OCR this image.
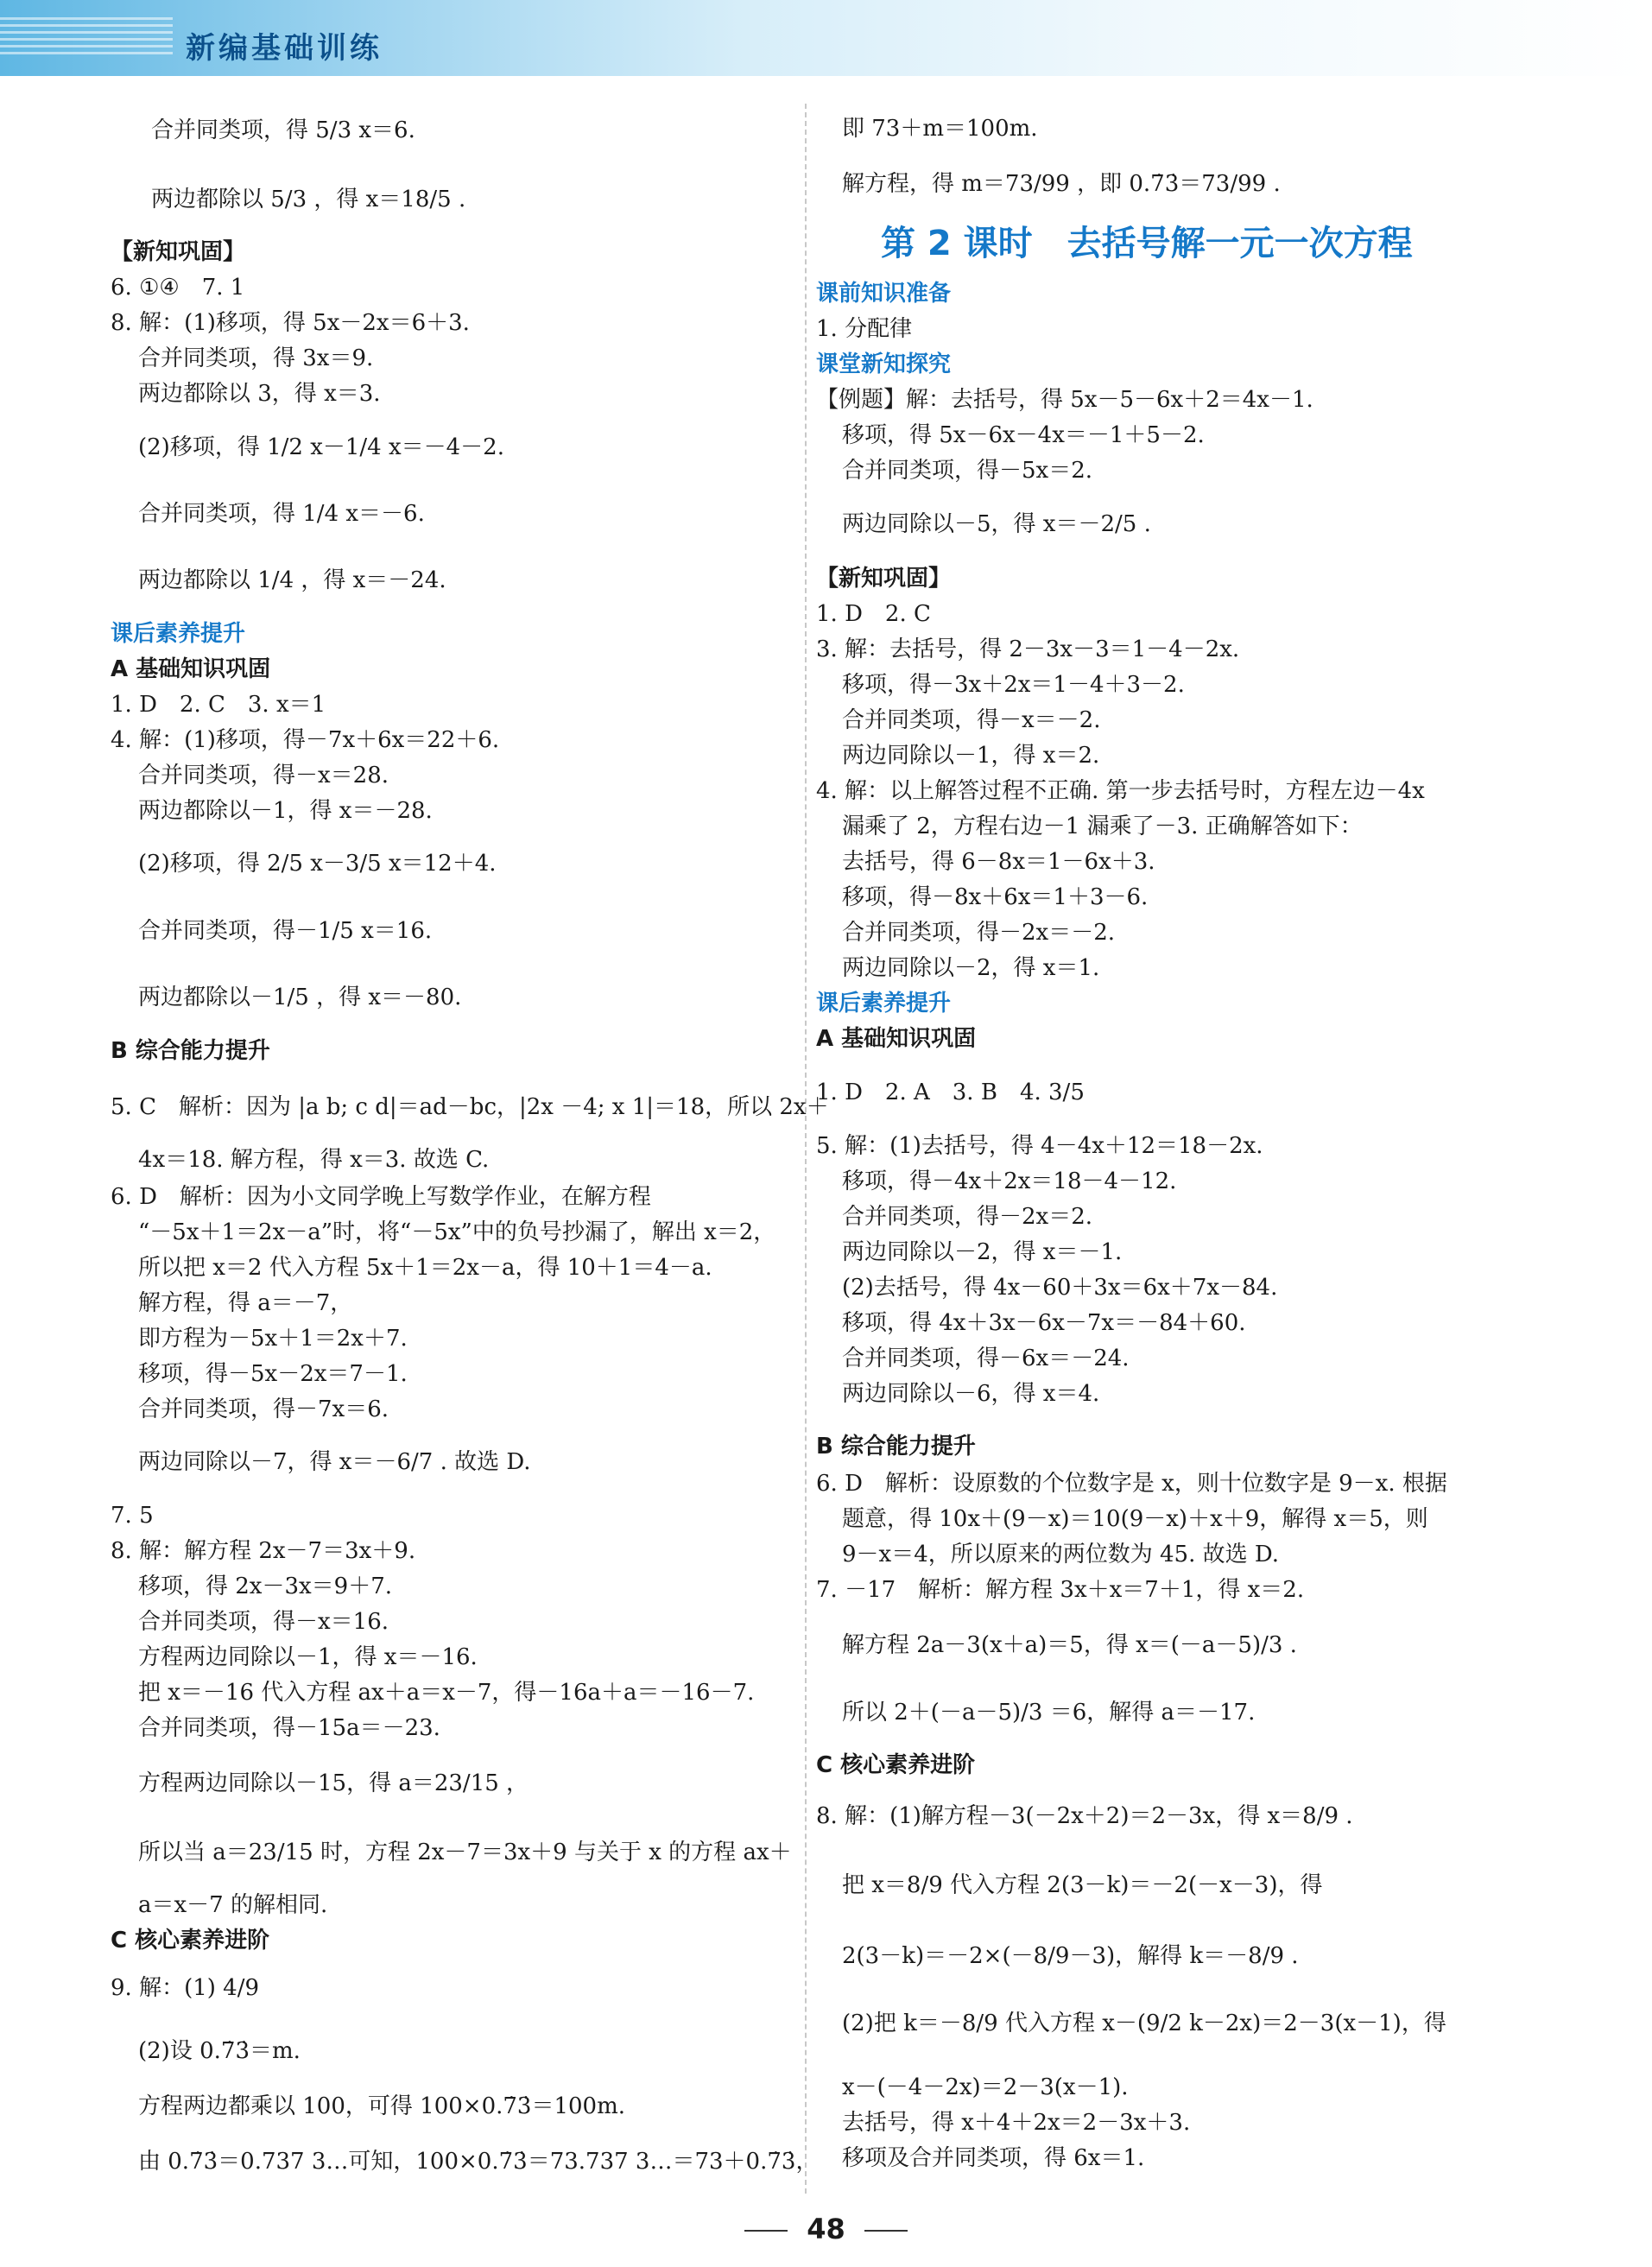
新编基础训练
合并同类项，得 5/3 x＝6.
两边都除以 5/3 ，得 x＝18/5 .
【新知巩固】
6. ①④　7. 1
8. 解：(1)移项，得 5x－2x＝6＋3.
合并同类项，得 3x＝9.
两边都除以 3，得 x＝3.
(2)移项，得 1/2 x－1/4 x＝－4－2.
合并同类项，得 1/4 x＝－6.
两边都除以 1/4 ，得 x＝－24.
课后素养提升
A 基础知识巩固
1. D　2. C　3. x＝1
4. 解：(1)移项，得－7x＋6x＝22＋6.
合并同类项，得－x＝28.
两边都除以－1，得 x＝－28.
(2)移项，得 2/5 x－3/5 x＝12＋4.
合并同类项，得－1/5 x＝16.
两边都除以－1/5 ，得 x＝－80.
B 综合能力提升
5. C　解析：因为 |a b; c d|＝ad－bc，|2x －4; x 1|＝18，所以 2x＋
4x＝18. 解方程，得 x＝3. 故选 C.
6. D　解析：因为小文同学晚上写数学作业，在解方程
“－5x＋1＝2x－a”时，将“－5x”中的负号抄漏了，解出 x＝2，
所以把 x＝2 代入方程 5x＋1＝2x－a，得 10＋1＝4－a.
解方程，得 a＝－7，
即方程为－5x＋1＝2x＋7.
移项，得－5x－2x＝7－1.
合并同类项，得－7x＝6.
两边同除以－7，得 x＝－6/7 . 故选 D.
7. 5
8. 解：解方程 2x－7＝3x＋9.
移项，得 2x－3x＝9＋7.
合并同类项，得－x＝16.
方程两边同除以－1，得 x＝－16.
把 x＝－16 代入方程 ax＋a＝x－7，得－16a＋a＝－16－7.
合并同类项，得－15a＝－23.
方程两边同除以－15，得 a＝23/15 ，
所以当 a＝23/15 时，方程 2x－7＝3x＋9 与关于 x 的方程 ax＋
a＝x－7 的解相同.
C 核心素养进阶
9. 解：(1) 4/9
(2)设 0.7̇3̇＝m.
方程两边都乘以 100，可得 100×0.7̇3̇＝100m.
由 0.7̇3̇＝0.737 3…可知，100×0.7̇3̇＝73.737 3…＝73＋0.7̇3̇，
即 73＋m＝100m.
解方程，得 m＝73/99 ，即 0.7̇3̇＝73/99 .
第 2 课时　去括号解一元一次方程
课前知识准备
1. 分配律
课堂新知探究
【例题】解：去括号，得 5x－5－6x＋2＝4x－1.
移项，得 5x－6x－4x＝－1＋5－2.
合并同类项，得－5x＝2.
两边同除以－5，得 x＝－2/5 .
【新知巩固】
1. D　2. C
3. 解：去括号，得 2－3x－3＝1－4－2x.
移项，得－3x＋2x＝1－4＋3－2.
合并同类项，得－x＝－2.
两边同除以－1，得 x＝2.
4. 解：以上解答过程不正确. 第一步去括号时，方程左边－4x
漏乘了 2，方程右边－1 漏乘了－3. 正确解答如下：
去括号，得 6－8x＝1－6x＋3.
移项，得－8x＋6x＝1＋3－6.
合并同类项，得－2x＝－2.
两边同除以－2，得 x＝1.
课后素养提升
A 基础知识巩固
1. D　2. A　3. B　4. 3/5
5. 解：(1)去括号，得 4－4x＋12＝18－2x.
移项，得－4x＋2x＝18－4－12.
合并同类项，得－2x＝2.
两边同除以－2，得 x＝－1.
(2)去括号，得 4x－60＋3x＝6x＋7x－84.
移项，得 4x＋3x－6x－7x＝－84＋60.
合并同类项，得－6x＝－24.
两边同除以－6，得 x＝4.
B 综合能力提升
6. D　解析：设原数的个位数字是 x，则十位数字是 9－x. 根据
题意，得 10x＋(9－x)＝10(9－x)＋x＋9，解得 x＝5，则
9－x＝4，所以原来的两位数为 45. 故选 D.
7. －17　解析：解方程 3x＋x＝7＋1，得 x＝2.
解方程 2a－3(x＋a)＝5，得 x＝(－a－5)/3 .
所以 2＋(－a－5)/3 ＝6，解得 a＝－17.
C 核心素养进阶
8. 解：(1)解方程－3(－2x＋2)＝2－3x，得 x＝8/9 .
把 x＝8/9 代入方程 2(3－k)＝－2(－x－3)，得
2(3－k)＝－2×(－8/9－3)，解得 k＝－8/9 .
(2)把 k＝－8/9 代入方程 x－(9/2 k－2x)＝2－3(x－1)，得
x－(－4－2x)＝2－3(x－1).
去括号，得 x＋4＋2x＝2－3x＋3.
移项及合并同类项，得 6x＝1.
48
